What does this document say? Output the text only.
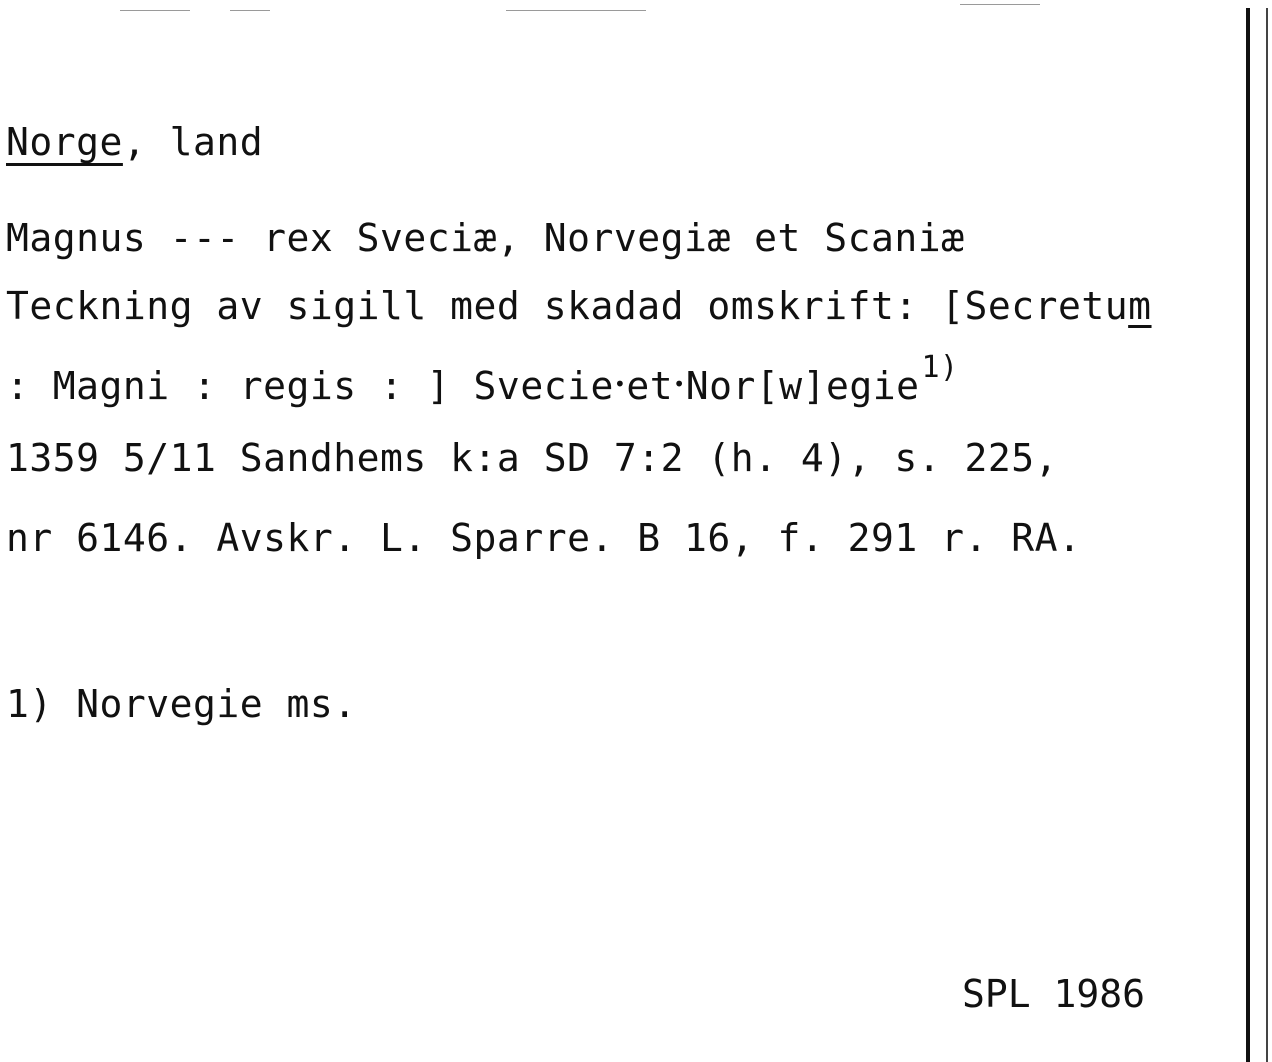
Norge, land
Magnus --- rex Sveciæ, Norvegiæ et Scaniæ
Teckning av sigill med skadad omskrift: [Secretum
: Magni : regis : ] Svecie•et•Nor[w]egie$^{1)}$
1359 5/11 Sandhems k:a SD 7:2 (h. 4), s. 225,
nr 6146. Avskr. L. Sparre. B 16, f. 291 r. RA.
1) Norvegie ms.
SPL 1986
